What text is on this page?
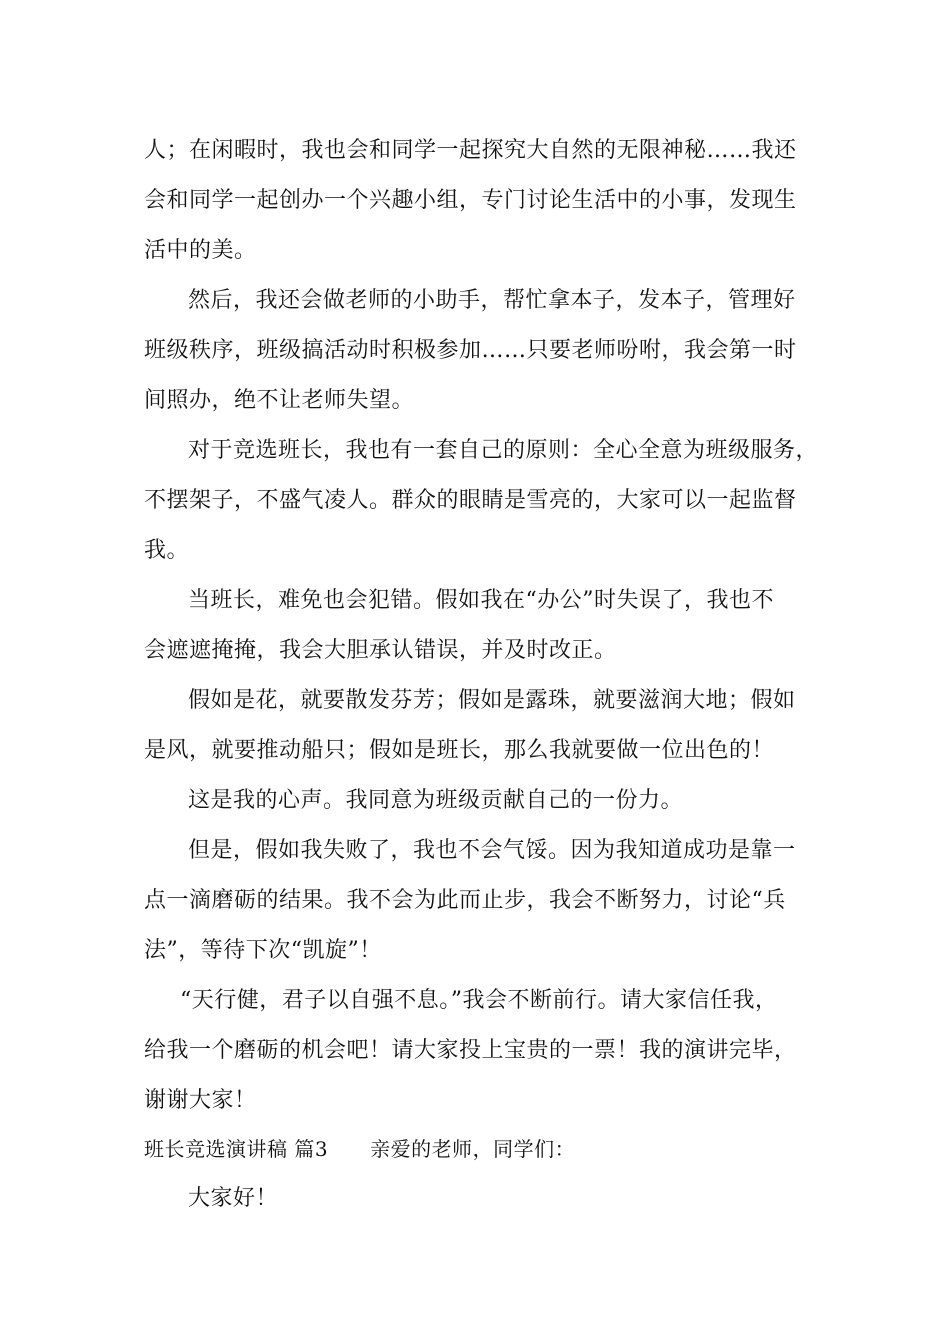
人；在闲暇时，我也会和同学一起探究大自然的无限神秘……我还
会和同学一起创办一个兴趣小组，专门讨论生活中的小事，发现生
活中的美。
然后，我还会做老师的小助手，帮忙拿本子，发本子，管理好
班级秩序，班级搞活动时积极参加……只要老师吩咐，我会第一时
间照办，绝不让老师失望。
对于竞选班长，我也有一套自己的原则：全心全意为班级服务，
不摆架子，不盛气凌人。群众的眼睛是雪亮的，大家可以一起监督
我。
当班长，难免也会犯错。假如我在“办公”时失误了，我也不
会遮遮掩掩，我会大胆承认错误，并及时改正。
假如是花，就要散发芬芳；假如是露珠，就要滋润大地；假如
是风，就要推动船只；假如是班长，那么我就要做一位出色的！
这是我的心声。我同意为班级贡献自己的一份力。
但是，假如我失败了，我也不会气馁。因为我知道成功是靠一
点一滴磨砺的结果。我不会为此而止步，我会不断努力，讨论“兵
法”，等待下次“凯旋”！
“天行健，君子以自强不息。”我会不断前行。请大家信任我，
给我一个磨砺的机会吧！请大家投上宝贵的一票！我的演讲完毕，
谢谢大家！
班长竞选演讲稿 篇3 亲爱的老师，同学们：
大家好！
